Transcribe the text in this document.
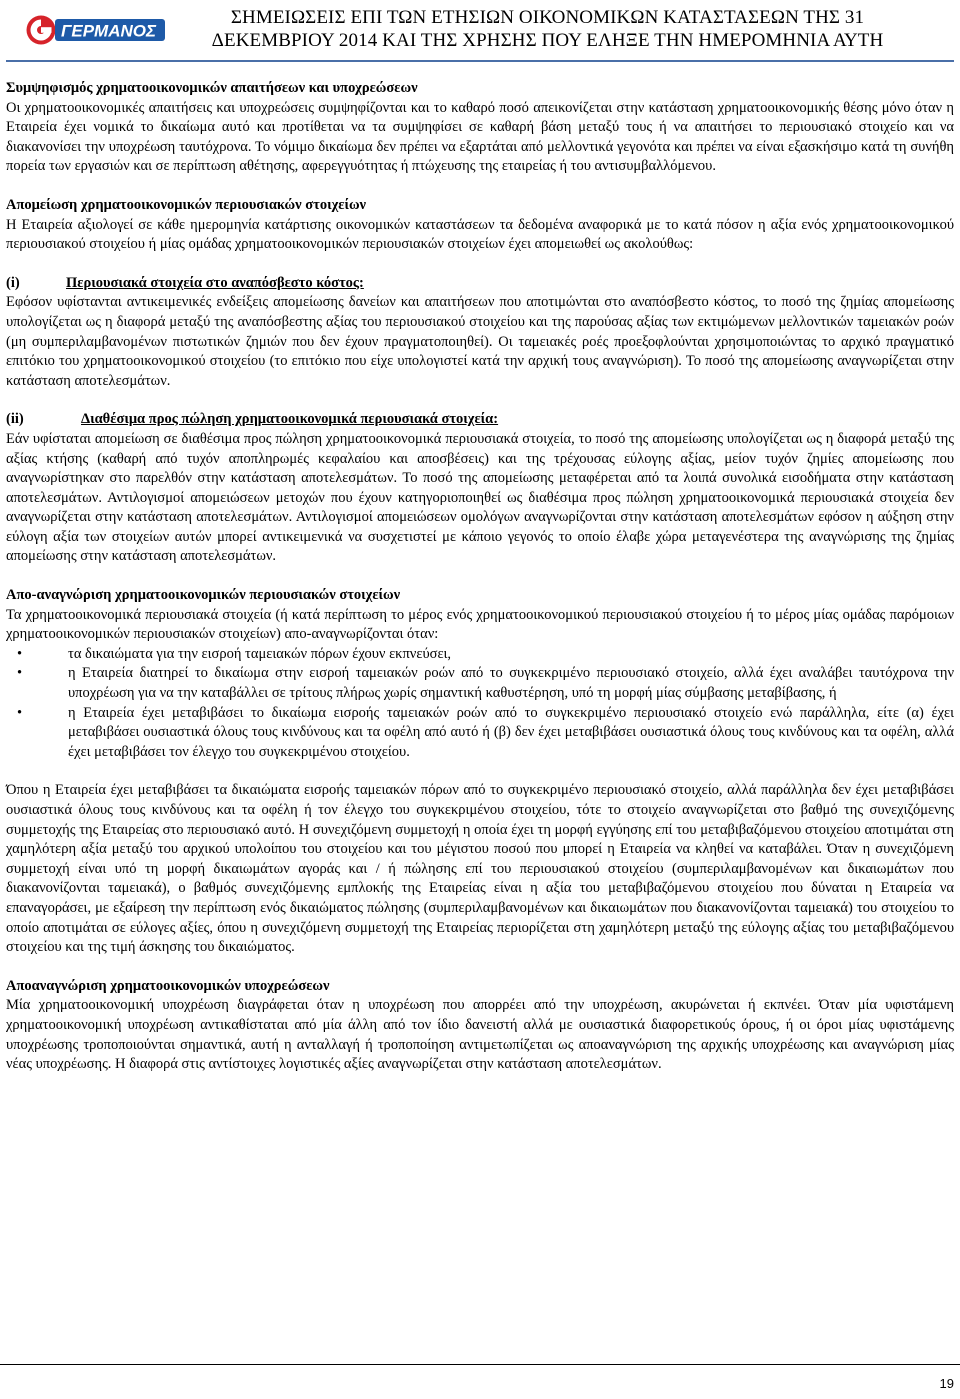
ΓΕΡΜΑΝΟΣ
ΣΗΜΕΙΩΣΕΙΣ ΕΠΙ ΤΩΝ ΕΤΗΣΙΩΝ ΟΙΚΟΝΟΜΙΚΩΝ ΚΑΤΑΣΤΑΣΕΩΝ ΤΗΣ 31
ΔΕΚΕΜΒΡΙΟΥ 2014 ΚΑΙ ΤΗΣ ΧΡΗΣΗΣ ΠΟΥ ΕΛΗΞΕ ΤΗΝ ΗΜΕΡΟΜΗΝΙΑ ΑΥΤΗ

Συμψηφισμός χρηματοοικονομικών απαιτήσεων και υποχρεώσεων

Οι χρηματοοικονομικές απαιτήσεις και υποχρεώσεις συμψηφίζονται και το καθαρό ποσό απεικονίζεται στην κατάσταση χρηματοοικονομικής θέσης μόνο όταν η Εταιρεία έχει νομικά το δικαίωμα αυτό και προτίθεται να τα συμψηφίσει σε καθαρή βάση μεταξύ τους ή να απαιτήσει το περιουσιακό στοιχείο και να διακανονίσει την υποχρέωση ταυτόχρονα. Το νόμιμο δικαίωμα δεν πρέπει να εξαρτάται από μελλοντικά γεγονότα και πρέπει να είναι εξασκήσιμο κατά τη συνήθη πορεία των εργασιών και σε περίπτωση αθέτησης, αφερεγγυότητας ή πτώχευσης της εταιρείας ή του αντισυμβαλλόμενου.

Απομείωση χρηματοοικονομικών περιουσιακών στοιχείων

Η Εταιρεία αξιολογεί σε κάθε ημερομηνία κατάρτισης οικονομικών καταστάσεων τα δεδομένα αναφορικά με το κατά πόσον η αξία ενός χρηματοοικονομικού περιουσιακού στοιχείου ή μίας ομάδας χρηματοοικονομικών περιουσιακών στοιχείων έχει απομειωθεί ως ακολούθως:

(i)	Περιουσιακά στοιχεία στο αναπόσβεστο κόστος:

Εφόσον υφίστανται αντικειμενικές ενδείξεις απομείωσης δανείων και απαιτήσεων που αποτιμώνται στο αναπόσβεστο κόστος, το ποσό της ζημίας απομείωσης υπολογίζεται ως η διαφορά μεταξύ της αναπόσβεστης αξίας του περιουσιακού στοιχείου και της παρούσας αξίας των εκτιμώμενων μελλοντικών ταμειακών ροών (μη συμπεριλαμβανομένων πιστωτικών ζημιών που δεν έχουν πραγματοποιηθεί). Οι ταμειακές ροές προεξοφλούνται χρησιμοποιώντας το αρχικό πραγματικό επιτόκιο του χρηματοοικονομικού στοιχείου (το επιτόκιο που είχε υπολογιστεί κατά την αρχική τους αναγνώριση). Το ποσό της απομείωσης αναγνωρίζεται στην κατάσταση αποτελεσμάτων.

(ii)	Διαθέσιμα προς πώληση χρηματοοικονομικά περιουσιακά στοιχεία:

Εάν υφίσταται απομείωση σε διαθέσιμα προς πώληση χρηματοοικονομικά περιουσιακά στοιχεία, το ποσό της απομείωσης υπολογίζεται ως η διαφορά μεταξύ της αξίας κτήσης (καθαρή από τυχόν αποπληρωμές κεφαλαίου και αποσβέσεις) και της τρέχουσας εύλογης αξίας, μείον τυχόν ζημίες απομείωσης που αναγνωρίστηκαν στο παρελθόν στην κατάσταση αποτελεσμάτων. Το ποσό της απομείωσης μεταφέρεται από τα λοιπά συνολικά εισοδήματα στην κατάσταση αποτελεσμάτων. Αντιλογισμοί απομειώσεων μετοχών που έχουν κατηγοριοποιηθεί ως διαθέσιμα προς πώληση χρηματοοικονομικά περιουσιακά στοιχεία δεν αναγνωρίζεται στην κατάσταση αποτελεσμάτων. Αντιλογισμοί απομειώσεων ομολόγων αναγνωρίζονται στην κατάσταση αποτελεσμάτων εφόσον η αύξηση στην εύλογη αξία των στοιχείων αυτών μπορεί αντικειμενικά να συσχετιστεί με κάποιο γεγονός το οποίο έλαβε χώρα μεταγενέστερα της αναγνώρισης της ζημίας απομείωσης στην κατάσταση αποτελεσμάτων.

Απο-αναγνώριση χρηματοοικονομικών περιουσιακών στοιχείων

Τα χρηματοοικονομικά περιουσιακά στοιχεία (ή κατά περίπτωση το μέρος ενός χρηματοοικονομικού περιουσιακού στοιχείου ή το μέρος μίας ομάδας παρόμοιων χρηματοοικονομικών περιουσιακών στοιχείων) απο-αναγνωρίζονται όταν:

•	τα δικαιώματα για την εισροή ταμειακών πόρων έχουν εκπνεύσει,
•	η Εταιρεία διατηρεί το δικαίωμα στην εισροή ταμειακών ροών από το συγκεκριμένο περιουσιακό στοιχείο, αλλά έχει αναλάβει ταυτόχρονα την υποχρέωση για να την καταβάλλει σε τρίτους πλήρως χωρίς σημαντική καθυστέρηση, υπό τη μορφή μίας σύμβασης μεταβίβασης, ή
•	η Εταιρεία έχει μεταβιβάσει το δικαίωμα εισροής ταμειακών ροών από το συγκεκριμένο περιουσιακό στοιχείο ενώ παράλληλα, είτε (α) έχει μεταβιβάσει ουσιαστικά όλους τους κινδύνους και τα οφέλη από αυτό ή (β) δεν έχει μεταβιβάσει ουσιαστικά όλους τους κινδύνους και τα οφέλη, αλλά έχει μεταβιβάσει τον έλεγχο του συγκεκριμένου στοιχείου.

Όπου η Εταιρεία έχει μεταβιβάσει τα δικαιώματα εισροής ταμειακών πόρων από το συγκεκριμένο περιουσιακό στοιχείο, αλλά παράλληλα δεν έχει μεταβιβάσει ουσιαστικά όλους τους κινδύνους και τα οφέλη ή τον έλεγχο του συγκεκριμένου στοιχείου, τότε το στοιχείο αναγνωρίζεται στο βαθμό της συνεχιζόμενης συμμετοχής της Εταιρείας στο περιουσιακό αυτό. Η συνεχιζόμενη συμμετοχή η οποία έχει τη μορφή εγγύησης επί του μεταβιβαζόμενου στοιχείου αποτιμάται στη χαμηλότερη αξία μεταξύ του αρχικού υπολοίπου του στοιχείου και του μέγιστου ποσού που μπορεί η Εταιρεία να κληθεί να καταβάλει. Όταν η συνεχιζόμενη συμμετοχή είναι υπό τη μορφή δικαιωμάτων αγοράς και / ή πώλησης επί του περιουσιακού στοιχείου (συμπεριλαμβανομένων και δικαιωμάτων που διακανονίζονται ταμειακά), ο βαθμός συνεχιζόμενης εμπλοκής της Εταιρείας είναι η αξία του μεταβιβαζόμενου στοιχείου που δύναται η Εταιρεία να επαναγοράσει, με εξαίρεση την περίπτωση ενός δικαιώματος πώλησης (συμπεριλαμβανομένων και δικαιωμάτων που διακανονίζονται ταμειακά) του στοιχείου το οποίο αποτιμάται σε εύλογες αξίες, όπου η συνεχιζόμενη συμμετοχή της Εταιρείας περιορίζεται στη χαμηλότερη μεταξύ της εύλογης αξίας του μεταβιβαζόμενου στοιχείου και της τιμή άσκησης του δικαιώματος.

Αποαναγνώριση χρηματοοικονομικών υποχρεώσεων

Μία χρηματοοικονομική υποχρέωση διαγράφεται όταν η υποχρέωση που απορρέει από την υποχρέωση, ακυρώνεται ή εκπνέει. Όταν μία υφιστάμενη χρηματοοικονομική υποχρέωση αντικαθίσταται από μία άλλη από τον ίδιο δανειστή αλλά με ουσιαστικά διαφορετικούς όρους, ή οι όροι μίας υφιστάμενης υποχρέωσης τροποποιούνται σημαντικά, αυτή η ανταλλαγή ή τροποποίηση αντιμετωπίζεται ως αποαναγνώριση της αρχικής υποχρέωσης και αναγνώριση μίας νέας υποχρέωσης. Η διαφορά στις αντίστοιχες λογιστικές αξίες αναγνωρίζεται στην κατάσταση αποτελεσμάτων.

19
